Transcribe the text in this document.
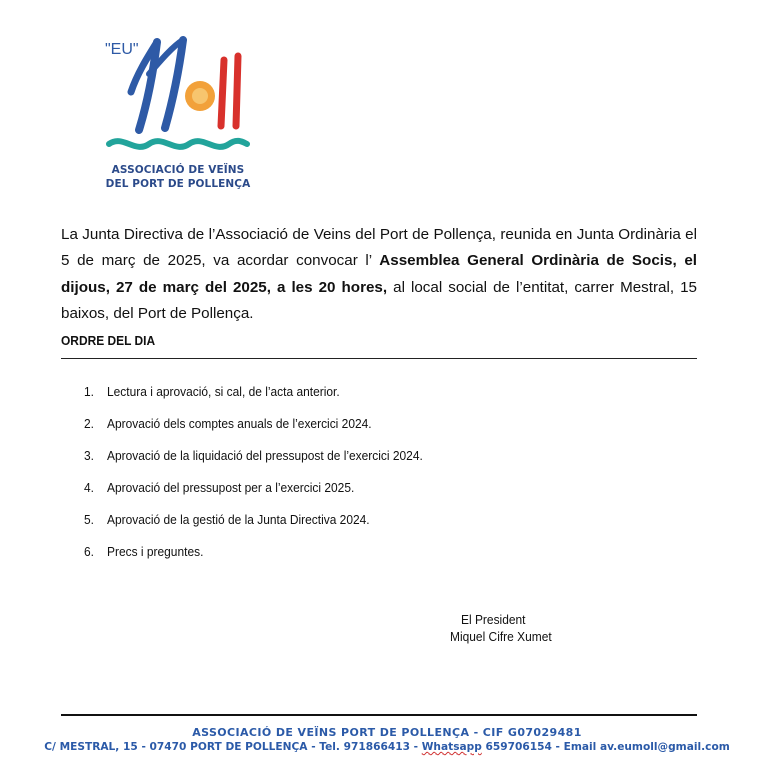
"EU"
ASSOCIACIÓ DE VEÏNS
DEL PORT DE POLLENÇA

La Junta Directiva de l’Associació de Veins del Port de Pollença, reunida en Junta Ordinària el 5 de març de 2025, va acordar convocar l’ Assemblea General Ordinària de Socis, el dijous, 27 de març del 2025, a les 20 hores, al local social de l’entitat, carrer Mestral, 15 baixos, del Port de Pollença.

ORDRE DEL DIA
1.	Lectura i aprovació, si cal, de l’acta anterior.
2.	Aprovació dels comptes anuals de l’exercici 2024.
3.	Aprovació de la liquidació del pressupost de l’exercici 2024.
4.	Aprovació del pressupost per a l’exercici 2025.
5.	Aprovació de la gestió de la Junta Directiva 2024.
6.	Precs i preguntes.
El President
Miquel Cifre Xumet
ASSOCIACIÓ DE VEÏNS PORT DE POLLENÇA - CIF G07029481
C/ MESTRAL, 15 - 07470 PORT DE POLLENÇA - Tel. 971866413 - Whatsapp 659706154 - Email av.eumoll@gmail.com
